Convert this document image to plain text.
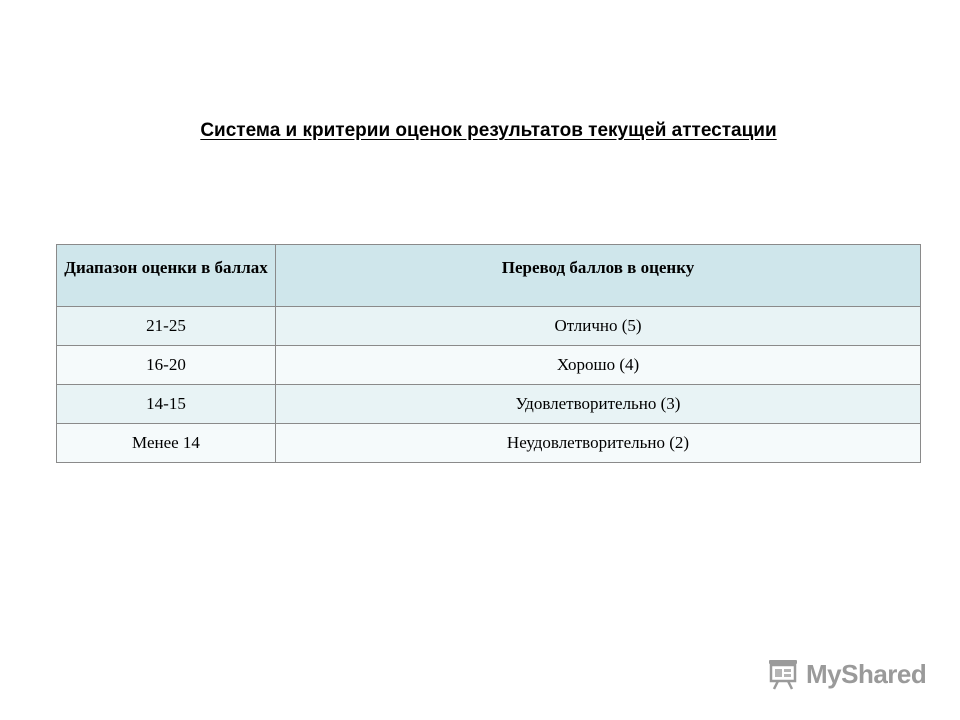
Система и критерии оценок результатов текущей аттестации
Диапазон оценки в баллах	Перевод баллов в оценку
21-25	Отлично (5)
16-20	Хорошо (4)
14-15	Удовлетворительно (3)
Менее 14	Неудовлетворительно (2)
MyShared
